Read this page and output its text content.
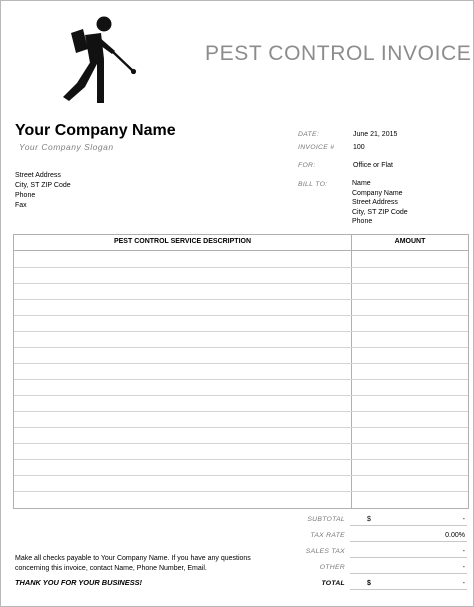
PEST CONTROL INVOICE
Your Company Name
Your Company Slogan
Street Address
City, ST ZIP Code
Phone
Fax
DATE:	June 21, 2015
INVOICE #	100
FOR:	Office or Flat
BILL TO:	Name
Company Name
Street Address
City, ST ZIP Code
Phone
PEST CONTROL SERVICE DESCRIPTION	AMOUNT
SUBTOTAL	$	-
TAX RATE	0.00%
SALES TAX	-
OTHER	-
TOTAL	$	-
Make all checks payable to Your Company Name. If you have any questions concerning this invoice, contact Name, Phone Number, Email.
THANK YOU FOR YOUR BUSINESS!
